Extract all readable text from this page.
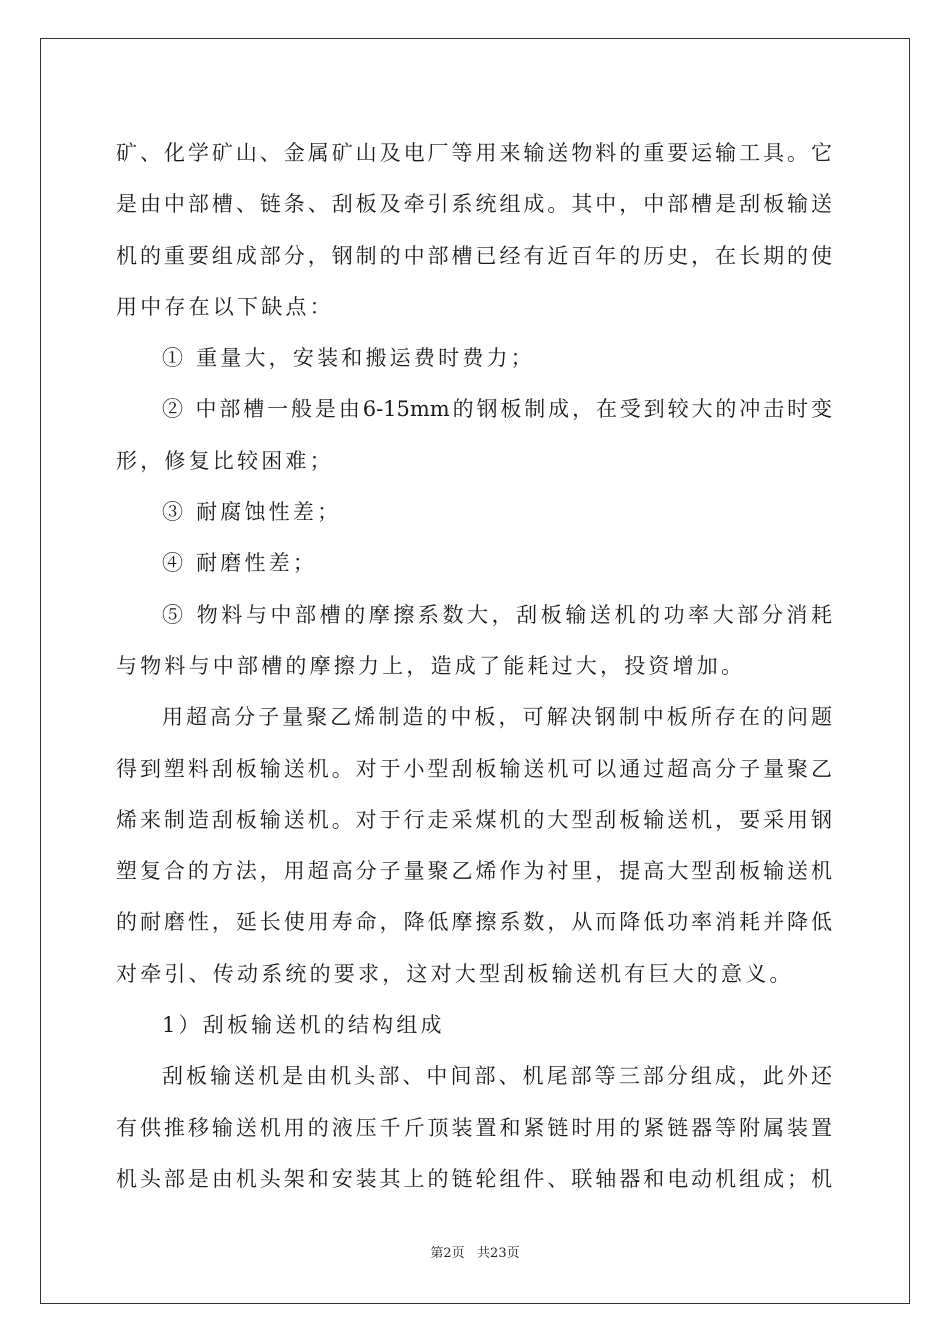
矿、化学矿山、金属矿山及电厂等用来输送物料的重要运输工具。它
是由中部槽、链条、刮板及牵引系统组成。其中，中部槽是刮板输送
机的重要组成部分，钢制的中部槽已经有近百年的历史，在长期的使
用中存在以下缺点：
① 重量大，安装和搬运费时费力；
② 中部槽一般是由6-15mm的钢板制成，在受到较大的冲击时变
形，修复比较困难；
③ 耐腐蚀性差；
④ 耐磨性差；
⑤ 物料与中部槽的摩擦系数大，刮板输送机的功率大部分消耗
与物料与中部槽的摩擦力上，造成了能耗过大，投资增加。
用超高分子量聚乙烯制造的中板，可解决钢制中板所存在的问题
得到塑料刮板输送机。对于小型刮板输送机可以通过超高分子量聚乙
烯来制造刮板输送机。对于行走采煤机的大型刮板输送机，要采用钢
塑复合的方法，用超高分子量聚乙烯作为衬里，提高大型刮板输送机
的耐磨性，延长使用寿命，降低摩擦系数，从而降低功率消耗并降低
对牵引、传动系统的要求，这对大型刮板输送机有巨大的意义。
1）刮板输送机的结构组成
刮板输送机是由机头部、中间部、机尾部等三部分组成，此外还
有供推移输送机用的液压千斤顶装置和紧链时用的紧链器等附属装置
机头部是由机头架和安装其上的链轮组件、联轴器和电动机组成；机
第2页   共23页
